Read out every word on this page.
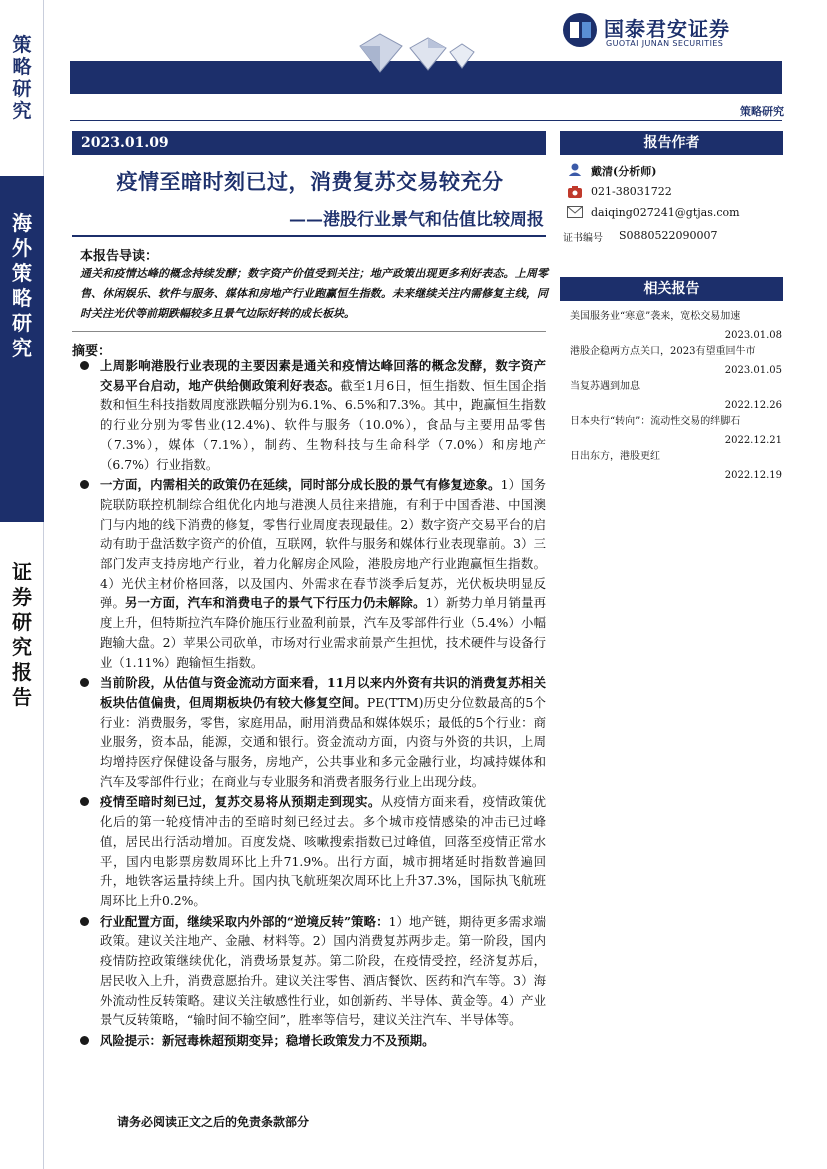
策略研究
海外策略研究
证券研究报告
国泰君安证券
GUOTAI JUNAN SECURITIES
策略研究
2023.01.09
疫情至暗时刻已过，消费复苏交易较充分
——港股行业景气和估值比较周报
本报告导读：
通关和疫情达峰的概念持续发酵；数字资产价值受到关注；地产政策出现更多利好表态。上周零售、休闲娱乐、软件与服务、媒体和房地产行业跑赢恒生指数。未来继续关注内需修复主线，同时关注光伏等前期跌幅较多且景气边际好转的成长板块。
摘要：
上周影响港股行业表现的主要因素是通关和疫情达峰回落的概念发酵，数字资产交易平台启动，地产供给侧政策利好表态。截至1月6日，恒生指数、恒生国企指数和恒生科技指数周度涨跌幅分别为6.1%、6.5%和7.3%。其中，跑赢恒生指数的行业分别为零售业(12.4%)、软件与服务（10.0%），食品与主要用品零售（7.3%），媒体（7.1%），制药、生物科技与生命科学（7.0%）和房地产（6.7%）行业指数。
一方面，内需相关的政策仍在延续，同时部分成长股的景气有修复迹象。1）国务院联防联控机制综合组优化内地与港澳人员往来措施，有利于中国香港、中国澳门与内地的线下消费的修复，零售行业周度表现最佳。2）数字资产交易平台的启动有助于盘活数字资产的价值，互联网，软件与服务和媒体行业表现靠前。3）三部门发声支持房地产行业，着力化解房企风险，港股房地产行业跑赢恒生指数。4）光伏主材价格回落，以及国内、外需求在春节淡季后复苏，光伏板块明显反弹。另一方面，汽车和消费电子的景气下行压力仍未解除。1）新势力单月销量再度上升，但特斯拉汽车降价施压行业盈利前景，汽车及零部件行业（5.4%）小幅跑输大盘。2）苹果公司砍单，市场对行业需求前景产生担忧，技术硬件与设备行业（1.11%）跑输恒生指数。
当前阶段，从估值与资金流动方面来看，11月以来内外资有共识的消费复苏相关板块估值偏贵，但周期板块仍有较大修复空间。PE(TTM)历史分位数最高的5个行业：消费服务，零售，家庭用品，耐用消费品和媒体娱乐；最低的5个行业：商业服务，资本品，能源，交通和银行。资金流动方面，内资与外资的共识，上周均增持医疗保健设备与服务，房地产，公共事业和多元金融行业，均减持媒体和汽车及零部件行业；在商业与专业服务和消费者服务行业上出现分歧。
疫情至暗时刻已过，复苏交易将从预期走到现实。从疫情方面来看，疫情政策优化后的第一轮疫情冲击的至暗时刻已经过去。多个城市疫情感染的冲击已过峰值，居民出行活动增加。百度发烧、咳嗽搜索指数已过峰值，回落至疫情正常水平，国内电影票房数周环比上升71.9%。出行方面，城市拥堵延时指数普遍回升，地铁客运量持续上升。国内执飞航班架次周环比上升37.3%，国际执飞航班周环比上升0.2%。
行业配置方面，继续采取内外部的“逆境反转”策略：1）地产链，期待更多需求端政策。建议关注地产、金融、材料等。2）国内消费复苏两步走。第一阶段，国内疫情防控政策继续优化，消费场景复苏。第二阶段，在疫情受控，经济复苏后，居民收入上升，消费意愿抬升。建议关注零售、酒店餐饮、医药和汽车等。3）海外流动性反转策略。建议关注敏感性行业，如创新药、半导体、黄金等。4）产业景气反转策略，“输时间不输空间”，胜率等信号，建议关注汽车、半导体等。
风险提示：新冠毒株超预期变异；稳增长政策发力不及预期。
请务必阅读正文之后的免责条款部分
报告作者
戴清(分析师)
021-38031722
daiqing027241@gtjas.com
证书编号 S0880522090007
相关报告
美国服务业“寒意”袭来，宽松交易加速
2023.01.08
港股企稳两方点关口，2023有望重回牛市
2023.01.05
当复苏遇到加息
2022.12.26
日本央行“转向”：流动性交易的绊脚石
2022.12.21
日出东方，港股更红
2022.12.19
